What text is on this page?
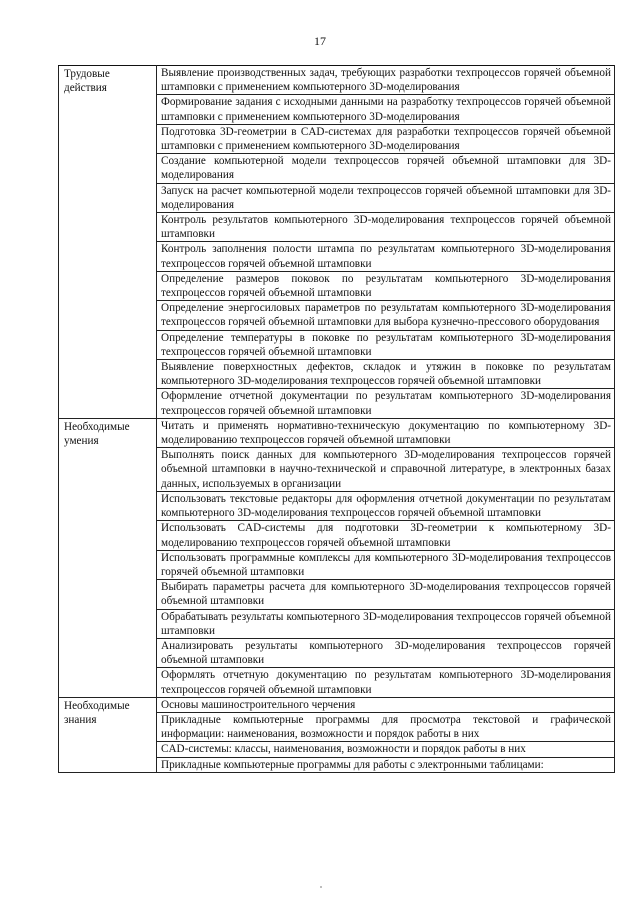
17
Трудовые действия	Выявление производственных задач, требующих разработки техпроцессов горячей объемной штамповки с применением компьютерного 3D-моделирования
	Формирование задания с исходными данными на разработку техпроцессов горячей объемной штамповки с применением компьютерного 3D-моделирования
	Подготовка 3D-геометрии в CAD-системах для разработки техпроцессов горячей объемной штамповки с применением компьютерного 3D-моделирования
	Создание компьютерной модели техпроцессов горячей объемной штамповки для 3D-моделирования
	Запуск на расчет компьютерной модели техпроцессов горячей объемной штамповки для 3D-моделирования
	Контроль результатов компьютерного 3D-моделирования техпроцессов горячей объемной штамповки
	Контроль заполнения полости штампа по результатам компьютерного 3D-моделирования техпроцессов горячей объемной штамповки
	Определение размеров поковок по результатам компьютерного 3D-моделирования техпроцессов горячей объемной штамповки
	Определение энергосиловых параметров по результатам компьютерного 3D-моделирования техпроцессов горячей объемной штамповки для выбора кузнечно-прессового оборудования
	Определение температуры в поковке по результатам компьютерного 3D-моделирования техпроцессов горячей объемной штамповки
	Выявление поверхностных дефектов, складок и утяжин в поковке по результатам компьютерного 3D-моделирования техпроцессов горячей объемной штамповки
	Оформление отчетной документации по результатам компьютерного 3D-моделирования техпроцессов горячей объемной штамповки
Необходимые умения	Читать и применять нормативно-техническую документацию по компьютерному 3D-моделированию техпроцессов горячей объемной штамповки
	Выполнять поиск данных для компьютерного 3D-моделирования техпроцессов горячей объемной штамповки в научно-технической и справочной литературе, в электронных базах данных, используемых в организации
	Использовать текстовые редакторы для оформления отчетной документации по результатам компьютерного 3D-моделирования техпроцессов горячей объемной штамповки
	Использовать CAD-системы для подготовки 3D-геометрии к компьютерному 3D-моделированию техпроцессов горячей объемной штамповки
	Использовать программные комплексы для компьютерного 3D-моделирования техпроцессов горячей объемной штамповки
	Выбирать параметры расчета для компьютерного 3D-моделирования техпроцессов горячей объемной штамповки
	Обрабатывать результаты компьютерного 3D-моделирования техпроцессов горячей объемной штамповки
	Анализировать результаты компьютерного 3D-моделирования техпроцессов горячей объемной штамповки
	Оформлять отчетную документацию по результатам компьютерного 3D-моделирования техпроцессов горячей объемной штамповки
Необходимые знания	Основы машиностроительного черчения
	Прикладные компьютерные программы для просмотра текстовой и графической информации: наименования, возможности и порядок работы в них
	CAD-системы: классы, наименования, возможности и порядок работы в них
	Прикладные компьютерные программы для работы с электронными таблицами:
